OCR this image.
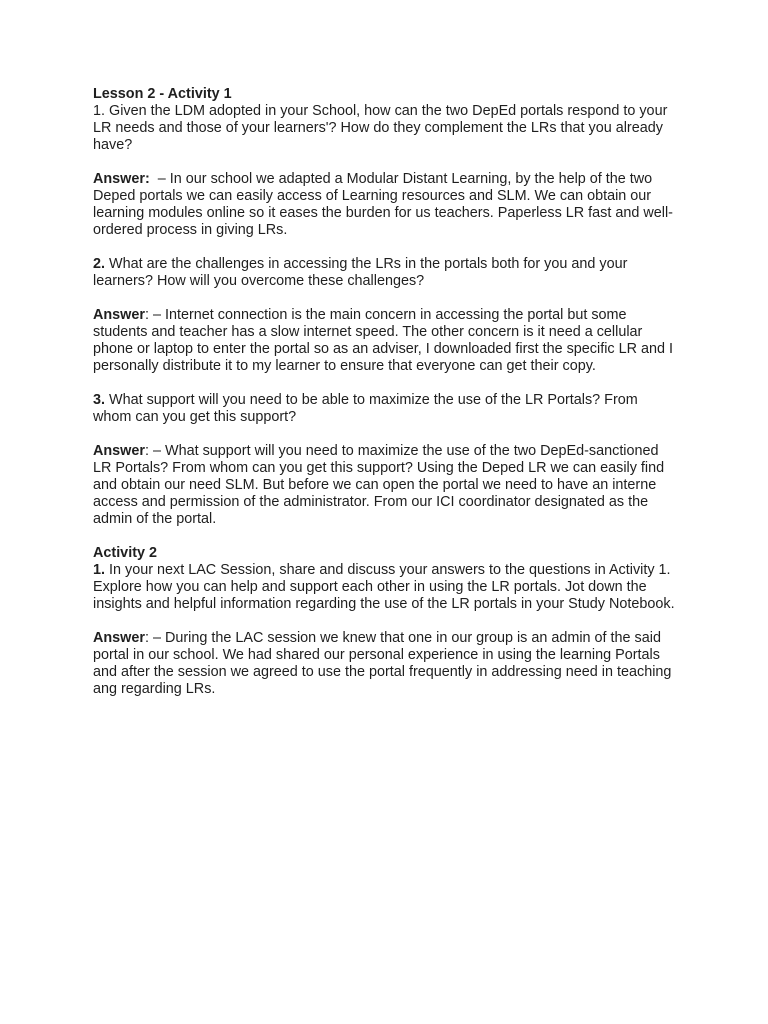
Lesson 2 - Activity 1

1. Given the LDM adopted in your School, how can the two DepEd portals respond to your LR needs and those of your learners'? How do they complement the LRs that you already have?

Answer:  – In our school we adapted a Modular Distant Learning, by the help of the two Deped portals we can easily access of Learning resources and SLM. We can obtain our learning modules online so it eases the burden for us teachers. Paperless LR fast and well-ordered process in giving LRs.

2. What are the challenges in accessing the LRs in the portals both for you and your learners? How will you overcome these challenges?

Answer: – Internet connection is the main concern in accessing the portal but some students and teacher has a slow internet speed. The other concern is it need a cellular phone or laptop to enter the portal so as an adviser, I downloaded first the specific LR and I personally distribute it to my learner to ensure that everyone can get their copy.

3. What support will you need to be able to maximize the use of the LR Portals? From whom can you get this support?

Answer: – What support will you need to maximize the use of the two DepEd-sanctioned LR Portals? From whom can you get this support? Using the Deped LR we can easily find and obtain our need SLM. But before we can open the portal we need to have an interne access and permission of the administrator. From our ICI coordinator designated as the admin of the portal.

Activity 2

1. In your next LAC Session, share and discuss your answers to the questions in Activity 1. Explore how you can help and support each other in using the LR portals. Jot down the insights and helpful information regarding the use of the LR portals in your Study Notebook.

Answer: – During the LAC session we knew that one in our group is an admin of the said portal in our school. We had shared our personal experience in using the learning Portals and after the session we agreed to use the portal frequently in addressing need in teaching ang regarding LRs.
